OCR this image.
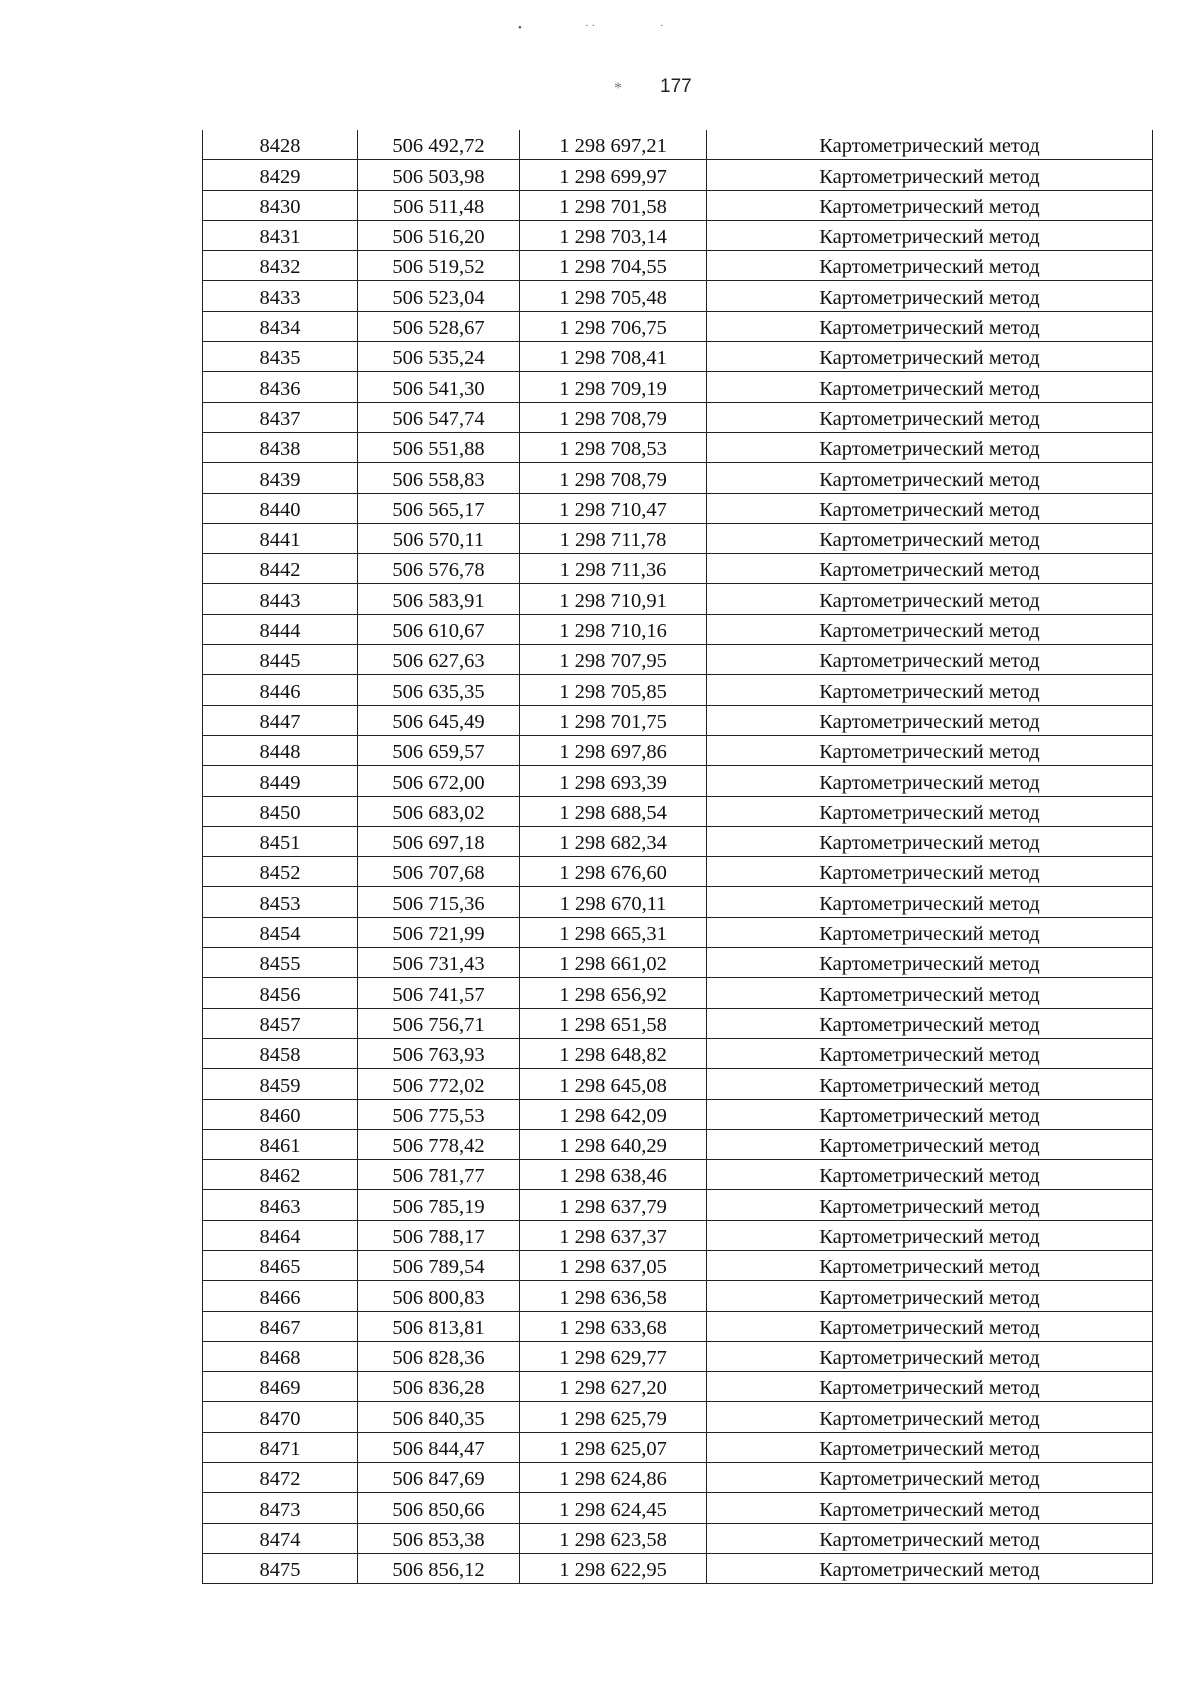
•	· ·	·
* 177
8428	506 492,72	1 298 697,21	Картометрический метод
8429	506 503,98	1 298 699,97	Картометрический метод
8430	506 511,48	1 298 701,58	Картометрический метод
8431	506 516,20	1 298 703,14	Картометрический метод
8432	506 519,52	1 298 704,55	Картометрический метод
8433	506 523,04	1 298 705,48	Картометрический метод
8434	506 528,67	1 298 706,75	Картометрический метод
8435	506 535,24	1 298 708,41	Картометрический метод
8436	506 541,30	1 298 709,19	Картометрический метод
8437	506 547,74	1 298 708,79	Картометрический метод
8438	506 551,88	1 298 708,53	Картометрический метод
8439	506 558,83	1 298 708,79	Картометрический метод
8440	506 565,17	1 298 710,47	Картометрический метод
8441	506 570,11	1 298 711,78	Картометрический метод
8442	506 576,78	1 298 711,36	Картометрический метод
8443	506 583,91	1 298 710,91	Картометрический метод
8444	506 610,67	1 298 710,16	Картометрический метод
8445	506 627,63	1 298 707,95	Картометрический метод
8446	506 635,35	1 298 705,85	Картометрический метод
8447	506 645,49	1 298 701,75	Картометрический метод
8448	506 659,57	1 298 697,86	Картометрический метод
8449	506 672,00	1 298 693,39	Картометрический метод
8450	506 683,02	1 298 688,54	Картометрический метод
8451	506 697,18	1 298 682,34	Картометрический метод
8452	506 707,68	1 298 676,60	Картометрический метод
8453	506 715,36	1 298 670,11	Картометрический метод
8454	506 721,99	1 298 665,31	Картометрический метод
8455	506 731,43	1 298 661,02	Картометрический метод
8456	506 741,57	1 298 656,92	Картометрический метод
8457	506 756,71	1 298 651,58	Картометрический метод
8458	506 763,93	1 298 648,82	Картометрический метод
8459	506 772,02	1 298 645,08	Картометрический метод
8460	506 775,53	1 298 642,09	Картометрический метод
8461	506 778,42	1 298 640,29	Картометрический метод
8462	506 781,77	1 298 638,46	Картометрический метод
8463	506 785,19	1 298 637,79	Картометрический метод
8464	506 788,17	1 298 637,37	Картометрический метод
8465	506 789,54	1 298 637,05	Картометрический метод
8466	506 800,83	1 298 636,58	Картометрический метод
8467	506 813,81	1 298 633,68	Картометрический метод
8468	506 828,36	1 298 629,77	Картометрический метод
8469	506 836,28	1 298 627,20	Картометрический метод
8470	506 840,35	1 298 625,79	Картометрический метод
8471	506 844,47	1 298 625,07	Картометрический метод
8472	506 847,69	1 298 624,86	Картометрический метод
8473	506 850,66	1 298 624,45	Картометрический метод
8474	506 853,38	1 298 623,58	Картометрический метод
8475	506 856,12	1 298 622,95	Картометрический метод
